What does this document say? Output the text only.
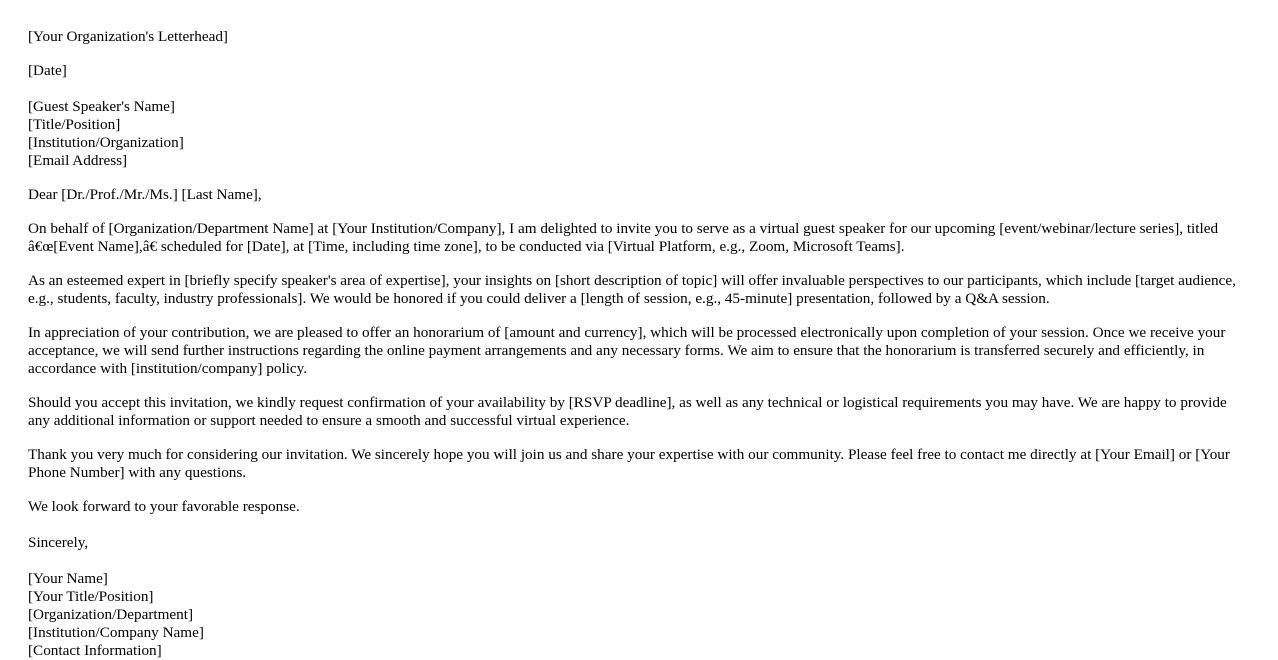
[Your Organization's Letterhead]
[Date]
[Guest Speaker's Name]
[Title/Position]
[Institution/Organization]
[Email Address]
Dear [Dr./Prof./Mr./Ms.] [Last Name],
On behalf of [Organization/Department Name] at [Your Institution/Company], I am delighted to invite you to serve as a virtual guest speaker for our upcoming [event/webinar/lecture series], titled â€œ[Event Name],â€ scheduled for [Date], at [Time, including time zone], to be conducted via [Virtual Platform, e.g., Zoom, Microsoft Teams].
As an esteemed expert in [briefly specify speaker's area of expertise], your insights on [short description of topic] will offer invaluable perspectives to our participants, which include [target audience, e.g., students, faculty, industry professionals]. We would be honored if you could deliver a [length of session, e.g., 45-minute] presentation, followed by a Q&A session.
In appreciation of your contribution, we are pleased to offer an honorarium of [amount and currency], which will be processed electronically upon completion of your session. Once we receive your acceptance, we will send further instructions regarding the online payment arrangements and any necessary forms. We aim to ensure that the honorarium is transferred securely and efficiently, in accordance with [institution/company] policy.
Should you accept this invitation, we kindly request confirmation of your availability by [RSVP deadline], as well as any technical or logistical requirements you may have. We are happy to provide any additional information or support needed to ensure a smooth and successful virtual experience.
Thank you very much for considering our invitation. We sincerely hope you will join us and share your expertise with our community. Please feel free to contact me directly at [Your Email] or [Your Phone Number] with any questions.
We look forward to your favorable response.
Sincerely,
[Your Name]
[Your Title/Position]
[Organization/Department]
[Institution/Company Name]
[Contact Information]
